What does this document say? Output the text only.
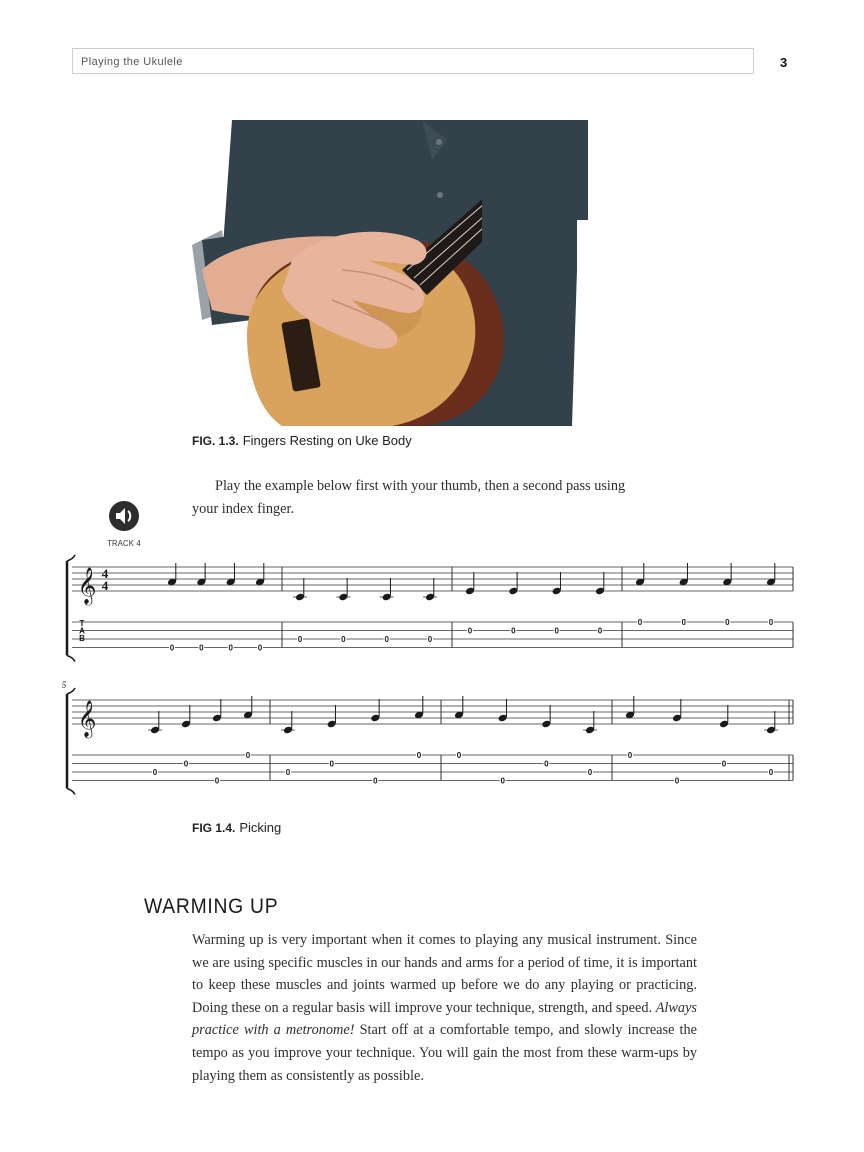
Playing the Ukulele	3
FIG. 1.3. Fingers Resting on Uke Body
Play the example below first with your thumb, then a second pass using
your index finger.
TRACK 4
𝄞 4
4
T
A
B
0	0	0	0
0	0	0	0
0	0	0	0
0	0	0	0
𝄞
5
0
0
0
0
0
0
0
0	0
0
0
0
0
0
0
0
FIG 1.4. Picking
WARMING UP

Warming up is very important when it comes to playing any musical instrument. Since we are using specific muscles in our hands and arms for a period of time, it is important to keep these muscles and joints warmed up before we do any playing or practicing. Doing these on a regular basis will improve your technique, strength, and speed. Always practice with a metronome! Start off at a comfortable tempo, and slowly increase the tempo as you improve your technique. You will gain the most from these warm-ups by playing them as consistently as possible.
